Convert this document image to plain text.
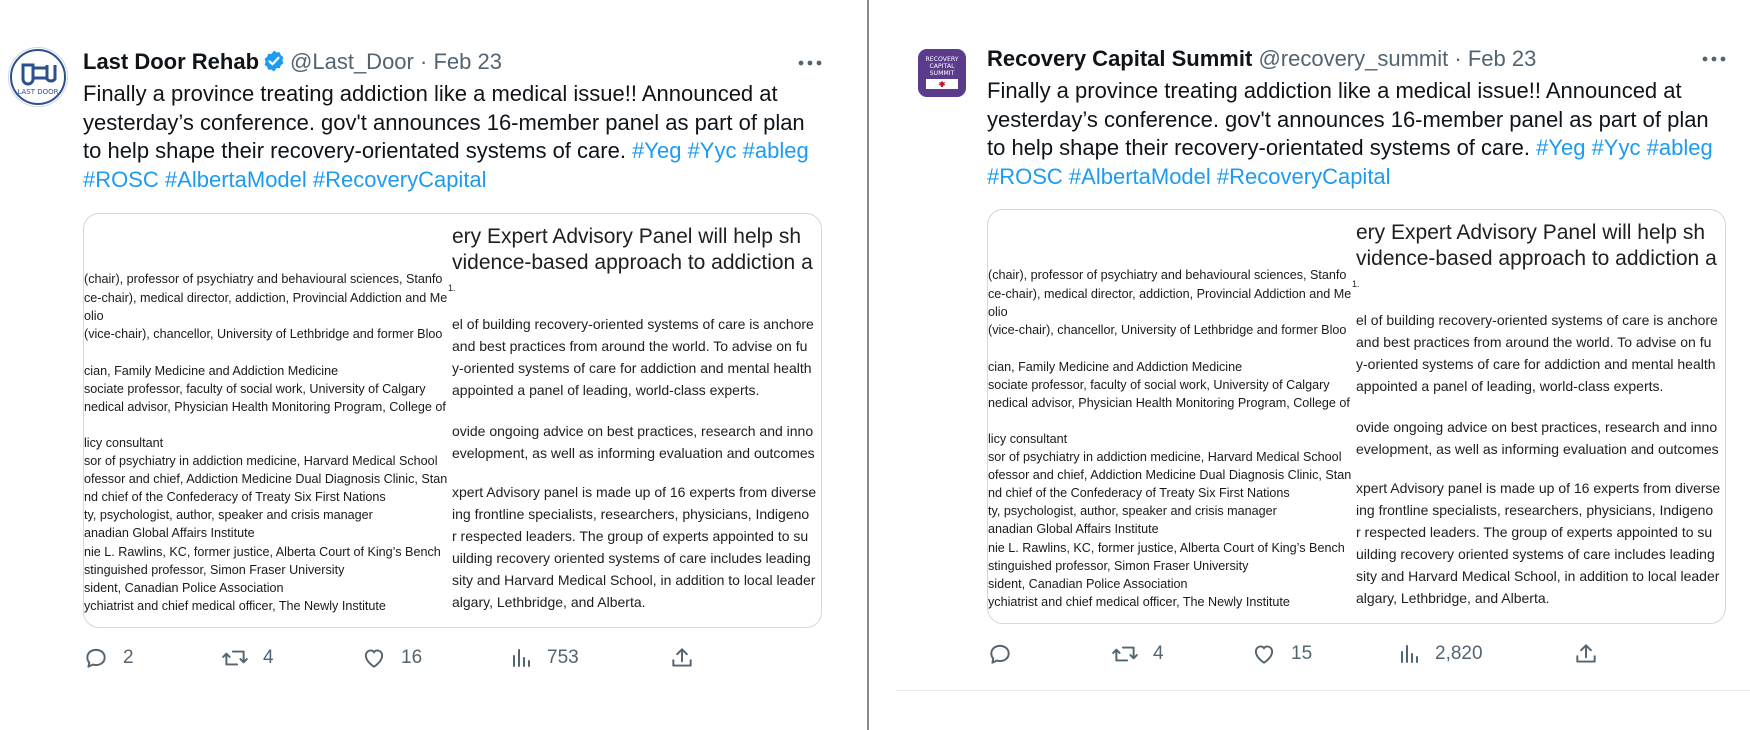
LAST DOOR
Last Door Rehab @Last_Door · Feb 23
Finally a province treating addiction like a medical issue!! Announced at yesterday’s conference. gov't announces 16-member panel as part of plan to help shape their recovery-orientated systems of care. #Yeg #Yyc #ableg #ROSC #AlbertaModel #RecoveryCapital
(chair), professor of psychiatry and behavioural sciences, Stanfo
ce-chair), medical director, addiction, Provincial Addiction and Me
olio
(vice-chair), chancellor, University of Lethbridge and former Bloo
cian, Family Medicine and Addiction Medicine
sociate professor, faculty of social work, University of Calgary
nedical advisor, Physician Health Monitoring Program, College of
licy consultant
sor of psychiatry in addiction medicine, Harvard Medical School
ofessor and chief, Addiction Medicine Dual Diagnosis Clinic, Stan
nd chief of the Confederacy of Treaty Six First Nations
ty, psychologist, author, speaker and crisis manager
anadian Global Affairs Institute
nie L. Rawlins, KC, former justice, Alberta Court of King’s Bench
stinguished professor, Simon Fraser University
sident, Canadian Police Association
ychiatrist and chief medical officer, The Newly Institute
ery Expert Advisory Panel will help sh
vidence-based approach to addiction a
1.
el of building recovery-oriented systems of care is anchore
and best practices from around the world. To advise on fu
y-oriented systems of care for addiction and mental health
appointed a panel of leading, world-class experts.
ovide ongoing advice on best practices, research and inno
evelopment, as well as informing evaluation and outcomes
xpert Advisory panel is made up of 16 experts from diverse
ing frontline specialists, researchers, physicians, Indigeno
r respected leaders. The group of experts appointed to su
uilding recovery oriented systems of care includes leading
sity and Harvard Medical School, in addition to local leader
algary, Lethbridge, and Alberta.
2	4	16	753
RECOVERY
CAPITAL
SUMMIT
Recovery Capital Summit @recovery_summit · Feb 23
Finally a province treating addiction like a medical issue!! Announced at yesterday’s conference. gov't announces 16-member panel as part of plan to help shape their recovery-orientated systems of care. #Yeg #Yyc #ableg #ROSC #AlbertaModel #RecoveryCapital
(chair), professor of psychiatry and behavioural sciences, Stanfo
ce-chair), medical director, addiction, Provincial Addiction and Me
olio
(vice-chair), chancellor, University of Lethbridge and former Bloo
cian, Family Medicine and Addiction Medicine
sociate professor, faculty of social work, University of Calgary
nedical advisor, Physician Health Monitoring Program, College of
licy consultant
sor of psychiatry in addiction medicine, Harvard Medical School
ofessor and chief, Addiction Medicine Dual Diagnosis Clinic, Stan
nd chief of the Confederacy of Treaty Six First Nations
ty, psychologist, author, speaker and crisis manager
anadian Global Affairs Institute
nie L. Rawlins, KC, former justice, Alberta Court of King’s Bench
stinguished professor, Simon Fraser University
sident, Canadian Police Association
ychiatrist and chief medical officer, The Newly Institute
ery Expert Advisory Panel will help sh
vidence-based approach to addiction a
1.
el of building recovery-oriented systems of care is anchore
and best practices from around the world. To advise on fu
y-oriented systems of care for addiction and mental health
appointed a panel of leading, world-class experts.
ovide ongoing advice on best practices, research and inno
evelopment, as well as informing evaluation and outcomes
xpert Advisory panel is made up of 16 experts from diverse
ing frontline specialists, researchers, physicians, Indigeno
r respected leaders. The group of experts appointed to su
uilding recovery oriented systems of care includes leading
sity and Harvard Medical School, in addition to local leader
algary, Lethbridge, and Alberta.
4	15	2,820
